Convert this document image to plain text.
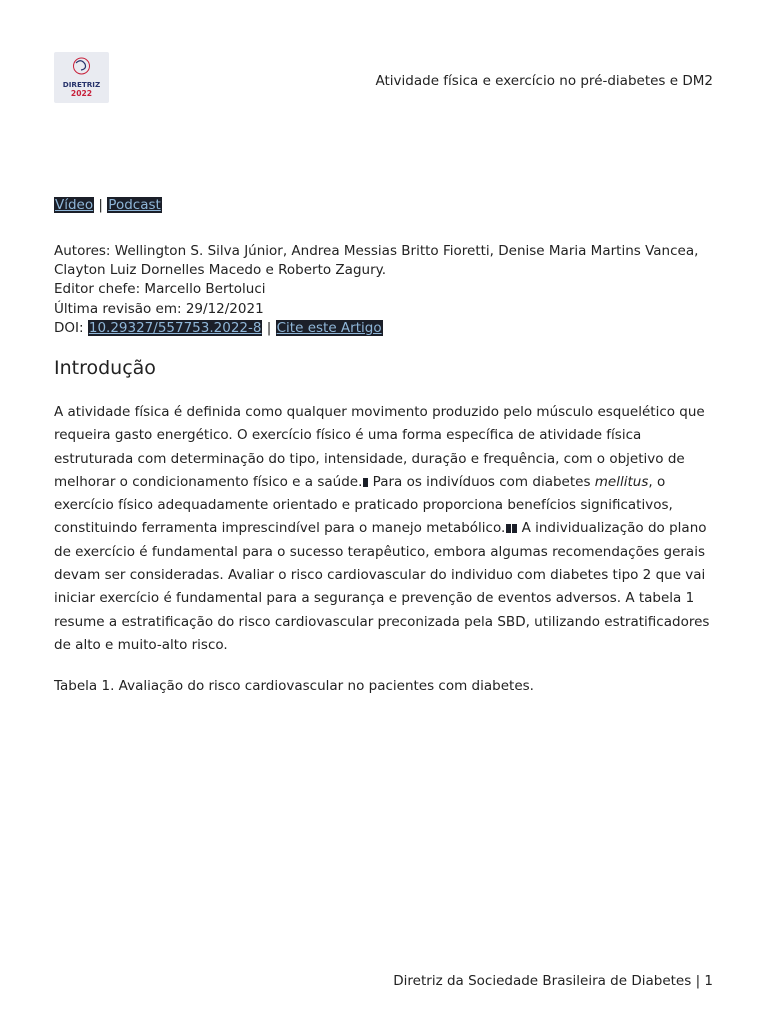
DIRETRIZ
2022
Atividade física e exercício no pré-diabetes e DM2
Vídeo | Podcast

Autores: Wellington S. Silva Júnior, Andrea Messias Britto Fioretti, Denise Maria Martins Vancea, Clayton Luiz Dornelles Macedo e Roberto Zagury.

Editor chefe: Marcello Bertoluci

Última revisão em: 29/12/2021

DOI: 10.29327/557753.2022-8 | Cite este Artigo

Introdução

A atividade física é definida como qualquer movimento produzido pelo músculo esquelético que requeira gasto energético. O exercício físico é uma forma específica de atividade física estruturada com determinação do tipo, intensidade, duração e frequência, com o objetivo de melhorar o condicionamento físico e a saúde. Para os indivíduos com diabetes mellitus, o exercício físico adequadamente orientado e praticado proporciona benefícios significativos, constituindo ferramenta imprescindível para o manejo metabólico. A individualização do plano de exercício é fundamental para o sucesso terapêutico, embora algumas recomendações gerais devam ser consideradas. Avaliar o risco cardiovascular do individuo com diabetes tipo 2 que vai iniciar exercício é fundamental para a segurança e prevenção de eventos adversos. A tabela 1 resume a estratificação do risco cardiovascular preconizada pela SBD, utilizando estratificadores de alto e muito-alto risco.

Tabela 1. Avaliação do risco cardiovascular no pacientes com diabetes.

Diretriz da Sociedade Brasileira de Diabetes | 1
